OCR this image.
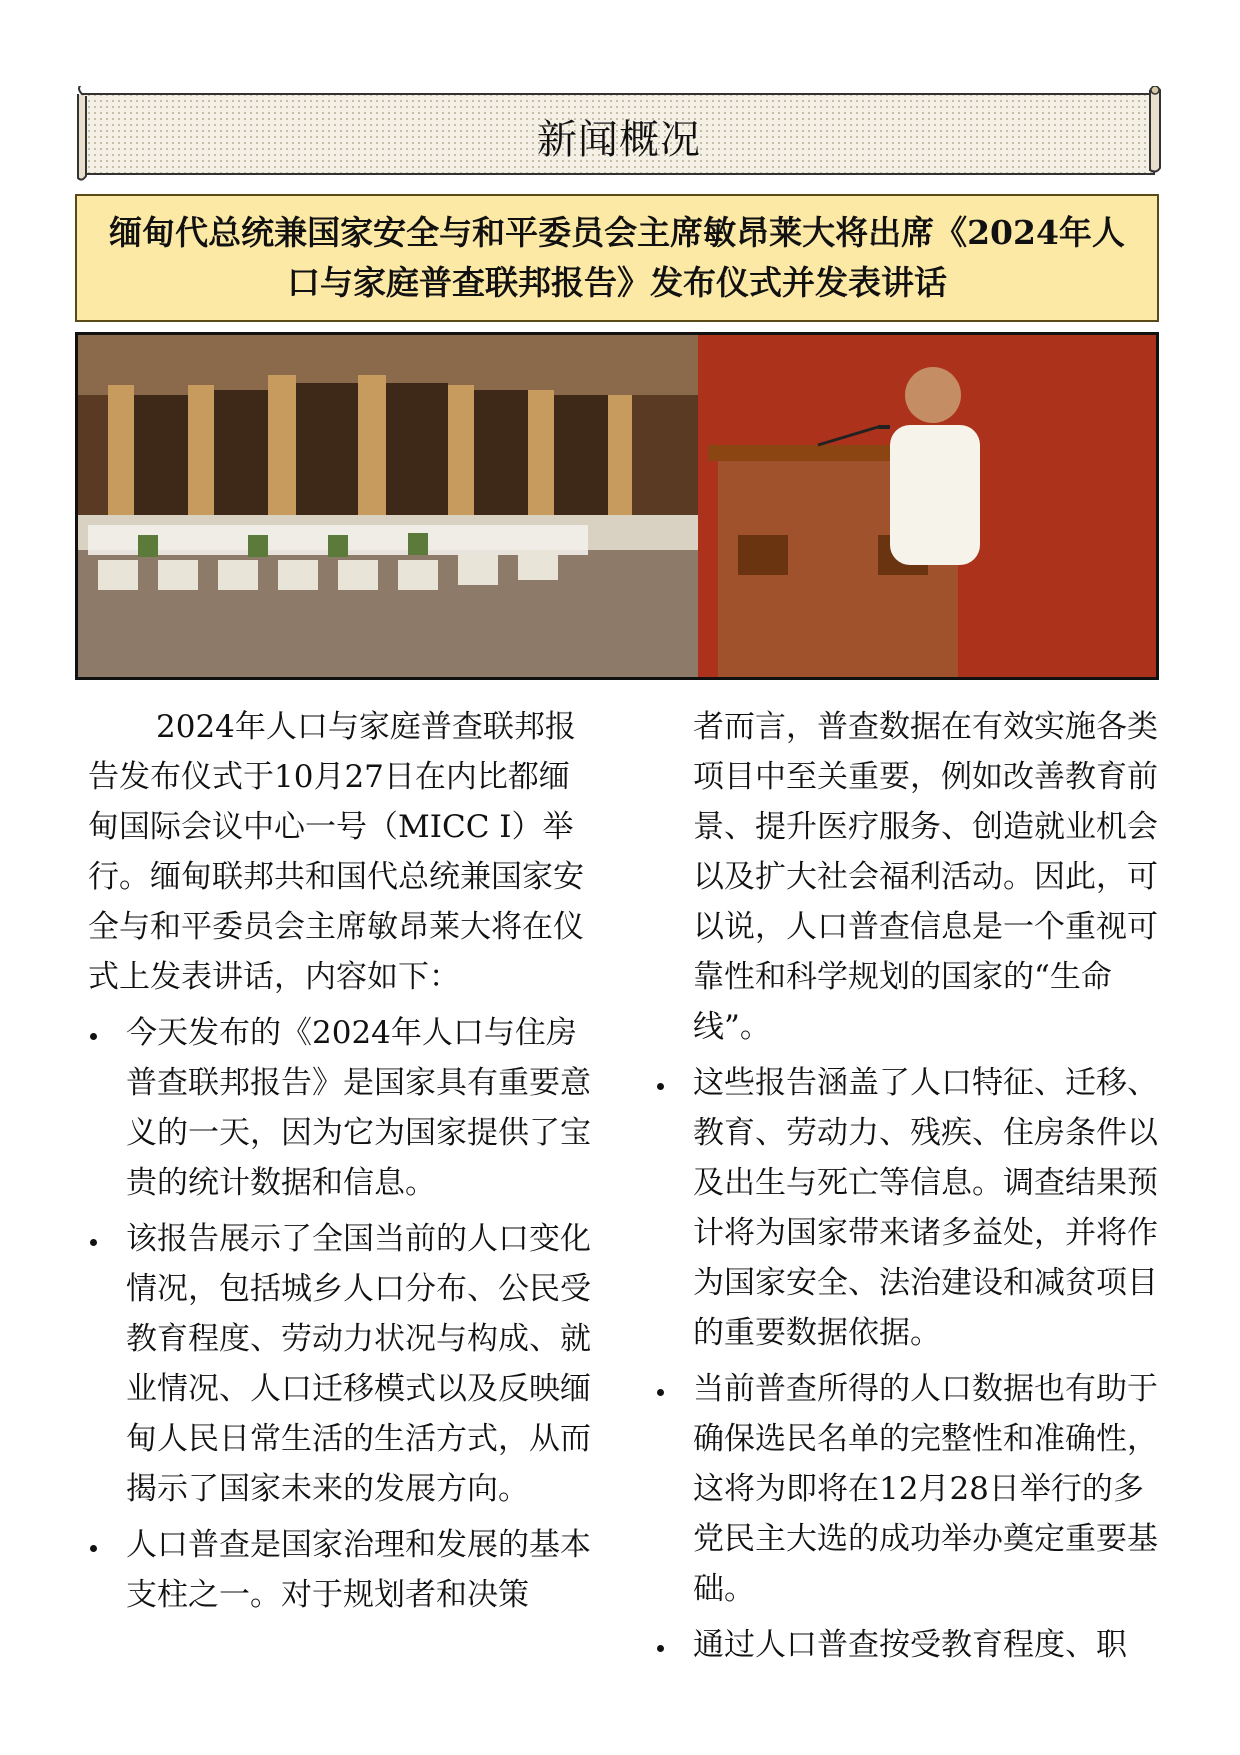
新闻概况
缅甸代总统兼国家安全与和平委员会主席敏昂莱大将出席《2024年人口与家庭普查联邦报告》发布仪式并发表讲话

2024年人口与家庭普查联邦报告发布仪式于10月27日在内比都缅甸国际会议中心一号（MICC Ⅰ）举行。缅甸联邦共和国代总统兼国家安全与和平委员会主席敏昂莱大将在仪式上发表讲话，内容如下：

今天发布的《2024年人口与住房普查联邦报告》是国家具有重要意义的一天，因为它为国家提供了宝贵的统计数据和信息。
该报告展示了全国当前的人口变化情况，包括城乡人口分布、公民受教育程度、劳动力状况与构成、就业情况、人口迁移模式以及反映缅甸人民日常生活的生活方式，从而揭示了国家未来的发展方向。
人口普查是国家治理和发展的基本支柱之一。对于规划者和决策

者而言，普查数据在有效实施各类项目中至关重要，例如改善教育前景、提升医疗服务、创造就业机会以及扩大社会福利活动。因此，可以说，人口普查信息是一个重视可靠性和科学规划的国家的“生命线”。

这些报告涵盖了人口特征、迁移、教育、劳动力、残疾、住房条件以及出生与死亡等信息。调查结果预计将为国家带来诸多益处，并将作为国家安全、法治建设和减贫项目的重要数据依据。
当前普查所得的人口数据也有助于确保选民名单的完整性和准确性，这将为即将在12月28日举行的多党民主大选的成功举办奠定重要基础。
通过人口普查按受教育程度、职
